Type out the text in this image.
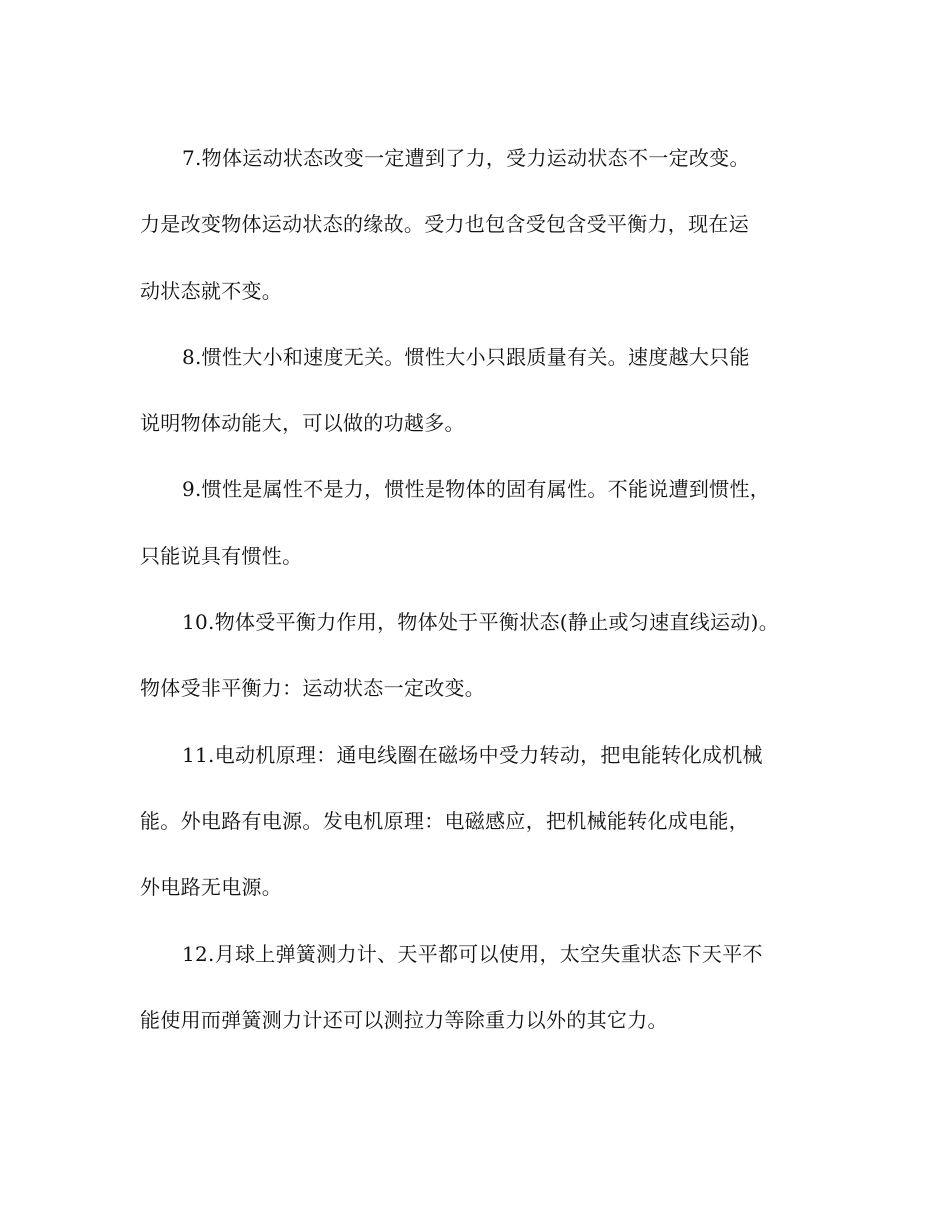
7.物体运动状态改变一定遭到了力，受力运动状态不一定改变。
力是改变物体运动状态的缘故。受力也包含受包含受平衡力，现在运
动状态就不变。
8.惯性大小和速度无关。惯性大小只跟质量有关。速度越大只能
说明物体动能大，可以做的功越多。
9.惯性是属性不是力，惯性是物体的固有属性。不能说遭到惯性，
只能说具有惯性。
10.物体受平衡力作用，物体处于平衡状态(静止或匀速直线运动)。
物体受非平衡力：运动状态一定改变。
11.电动机原理：通电线圈在磁场中受力转动，把电能转化成机械
能。外电路有电源。发电机原理：电磁感应，把机械能转化成电能，
外电路无电源。
12.月球上弹簧测力计、天平都可以使用，太空失重状态下天平不
能使用而弹簧测力计还可以测拉力等除重力以外的其它力。
